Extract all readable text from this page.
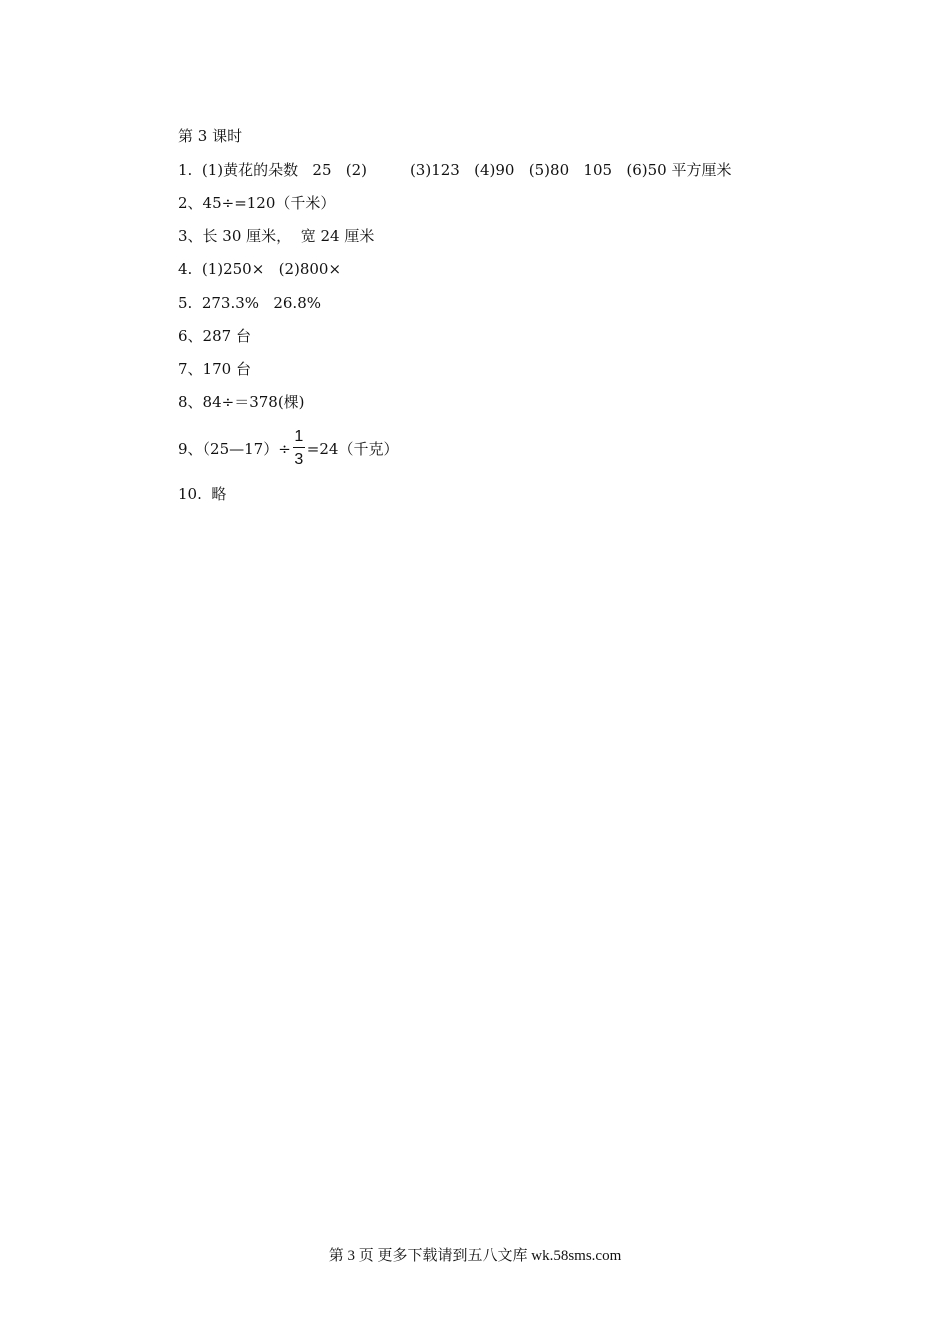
第 3 课时
1.  (1)黄花的朵数   25   (2)         (3)123   (4)90   (5)80   105   (6)50 平方厘米
2、45÷=120（千米）
3、长 30 厘米，  宽 24 厘米
4.  (1)250×   (2)800×
5.  273.3%   26.8%
6、287 台
7、170 台
8、84÷＝378(棵)
9、（25—17）÷ $\frac{1}{3} =24$（千克）
10.  略
第 3 页 更多下载请到五八文库 wk.58sms.com
